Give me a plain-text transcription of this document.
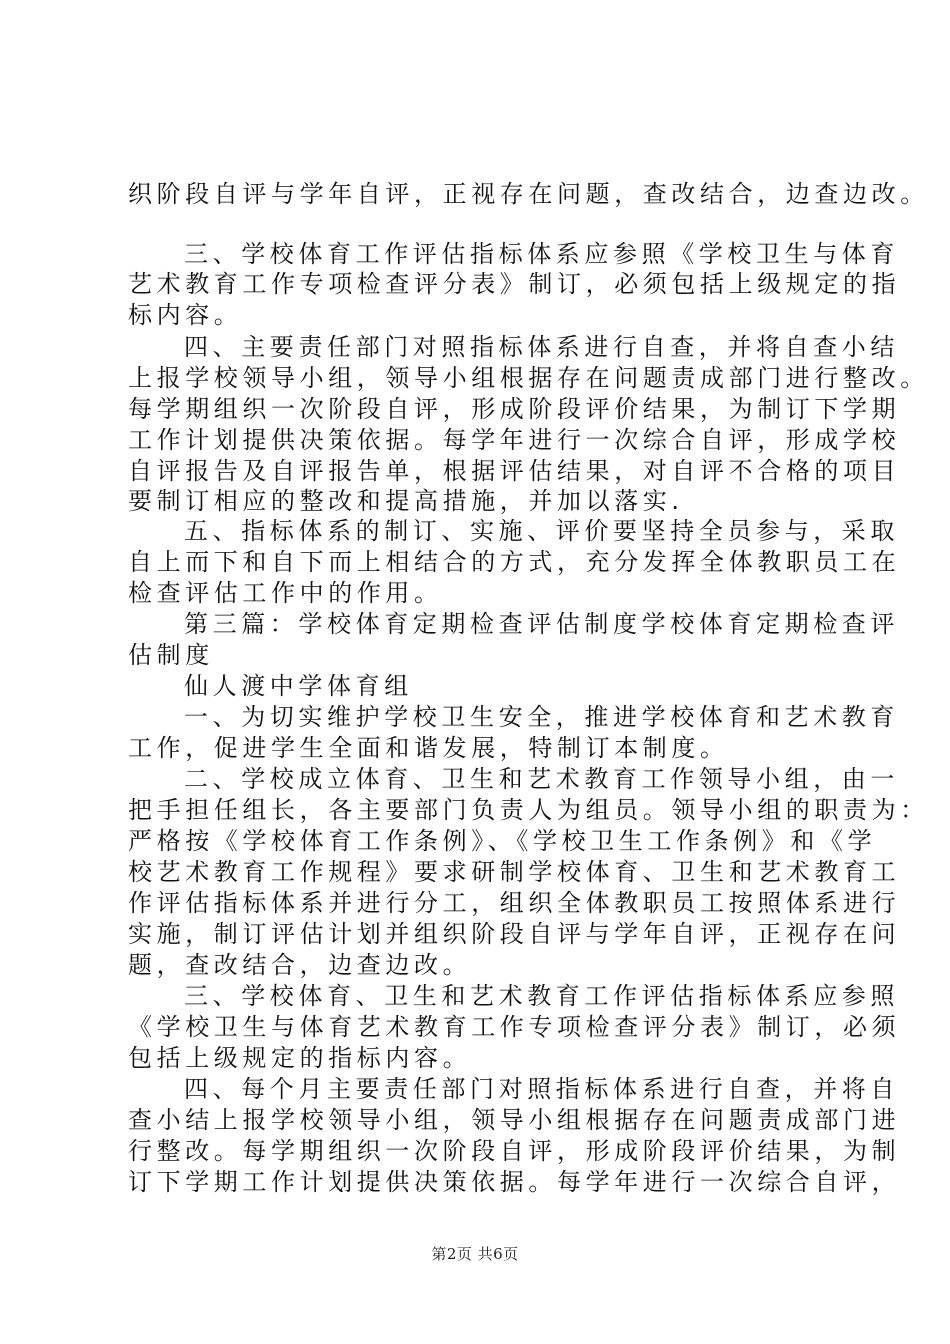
织阶段自评与学年自评，正视存在问题，查改结合，边查边改。
三、学校体育工作评估指标体系应参照《学校卫生与体育
艺术教育工作专项检查评分表》制订，必须包括上级规定的指
标内容。
四、主要责任部门对照指标体系进行自查，并将自查小结
上报学校领导小组，领导小组根据存在问题责成部门进行整改。
每学期组织一次阶段自评，形成阶段评价结果，为制订下学期
工作计划提供决策依据。每学年进行一次综合自评，形成学校
自评报告及自评报告单，根据评估结果，对自评不合格的项目
要制订相应的整改和提高措施，并加以落实.
五、指标体系的制订、实施、评价要坚持全员参与，采取
自上而下和自下而上相结合的方式，充分发挥全体教职员工在
检查评估工作中的作用。
第三篇：学校体育定期检查评估制度学校体育定期检查评
估制度
仙人渡中学体育组
一、为切实维护学校卫生安全，推进学校体育和艺术教育
工作，促进学生全面和谐发展，特制订本制度。
二、学校成立体育、卫生和艺术教育工作领导小组，由一
把手担任组长，各主要部门负责人为组员。领导小组的职责为：
严格按《学校体育工作条例》、《学校卫生工作条例》和《学
校艺术教育工作规程》要求研制学校体育、卫生和艺术教育工
作评估指标体系并进行分工，组织全体教职员工按照体系进行
实施，制订评估计划并组织阶段自评与学年自评，正视存在问
题，查改结合，边查边改。
三、学校体育、卫生和艺术教育工作评估指标体系应参照
《学校卫生与体育艺术教育工作专项检查评分表》制订，必须
包括上级规定的指标内容。
四、每个月主要责任部门对照指标体系进行自查，并将自
查小结上报学校领导小组，领导小组根据存在问题责成部门进
行整改。每学期组织一次阶段自评，形成阶段评价结果，为制
订下学期工作计划提供决策依据。每学年进行一次综合自评，
第2页 共6页
